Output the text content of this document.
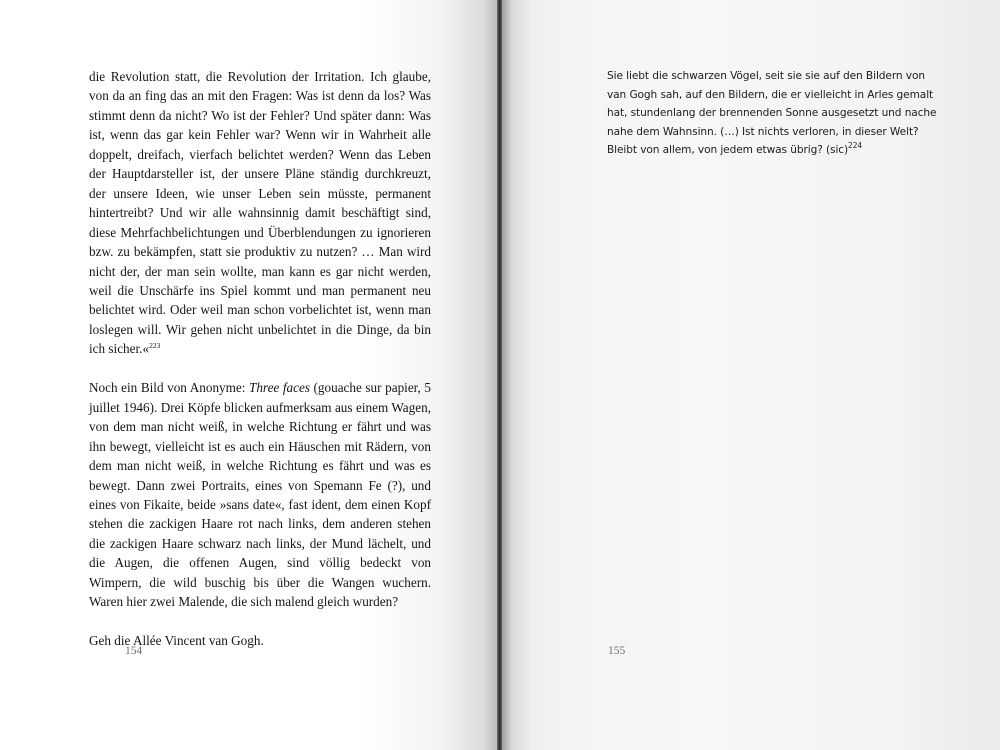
die Revolution statt, die Revolution der Irritation. Ich glaube, von da an fing das an mit den Fragen: Was ist denn da los? Was stimmt denn da nicht? Wo ist der Fehler? Und später dann: Was ist, wenn das gar kein Fehler war? Wenn wir in Wahrheit alle doppelt, dreifach, vierfach belichtet werden? Wenn das Leben der Hauptdarsteller ist, der unsere Pläne ständig durchkreuzt, der unsere Ideen, wie unser Leben sein müsste, permanent hintertreibt? Und wir alle wahnsinnig damit beschäftigt sind, diese Mehrfachbelichtungen und Überblendungen zu ignorieren bzw. zu bekämpfen, statt sie produktiv zu nutzen? … Man wird nicht der, der man sein wollte, man kann es gar nicht werden, weil die Unschärfe ins Spiel kommt und man permanent neu belichtet wird. Oder weil man schon vorbelichtet ist, wenn man loslegen will. Wir gehen nicht unbelichtet in die Dinge, da bin ich sicher.«$^{223}$

Noch ein Bild von Anonyme: Three faces (gouache sur papier, 5 juillet 1946). Drei Köpfe blicken aufmerksam aus einem Wagen, von dem man nicht weiß, in welche Richtung er fährt und was ihn bewegt, vielleicht ist es auch ein Häuschen mit Rädern, von dem man nicht weiß, in welche Richtung es fährt und was es bewegt. Dann zwei Portraits, eines von Spemann Fe (?), und eines von Fikaite, beide »sans date«, fast ident, dem einen Kopf stehen die zackigen Haare rot nach links, dem anderen stehen die zackigen Haare schwarz nach links, der Mund lächelt, und die Augen, die offenen Augen, sind völlig bedeckt von Wimpern, die wild buschig bis über die Wangen wuchern. Waren hier zwei Malende, die sich malend gleich wurden?

Geh die Allée Vincent van Gogh.

154

Sie liebt die schwarzen Vögel, seit sie sie auf den Bildern von van Gogh sah, auf den Bildern, die er vielleicht in Arles gemalt hat, stundenlang der brennenden Sonne ausgesetzt und nache nahe dem Wahnsinn. (…) Ist nichts verloren, in dieser Welt? Bleibt von allem, von jedem etwas übrig? (sic)$^{224}$

155
